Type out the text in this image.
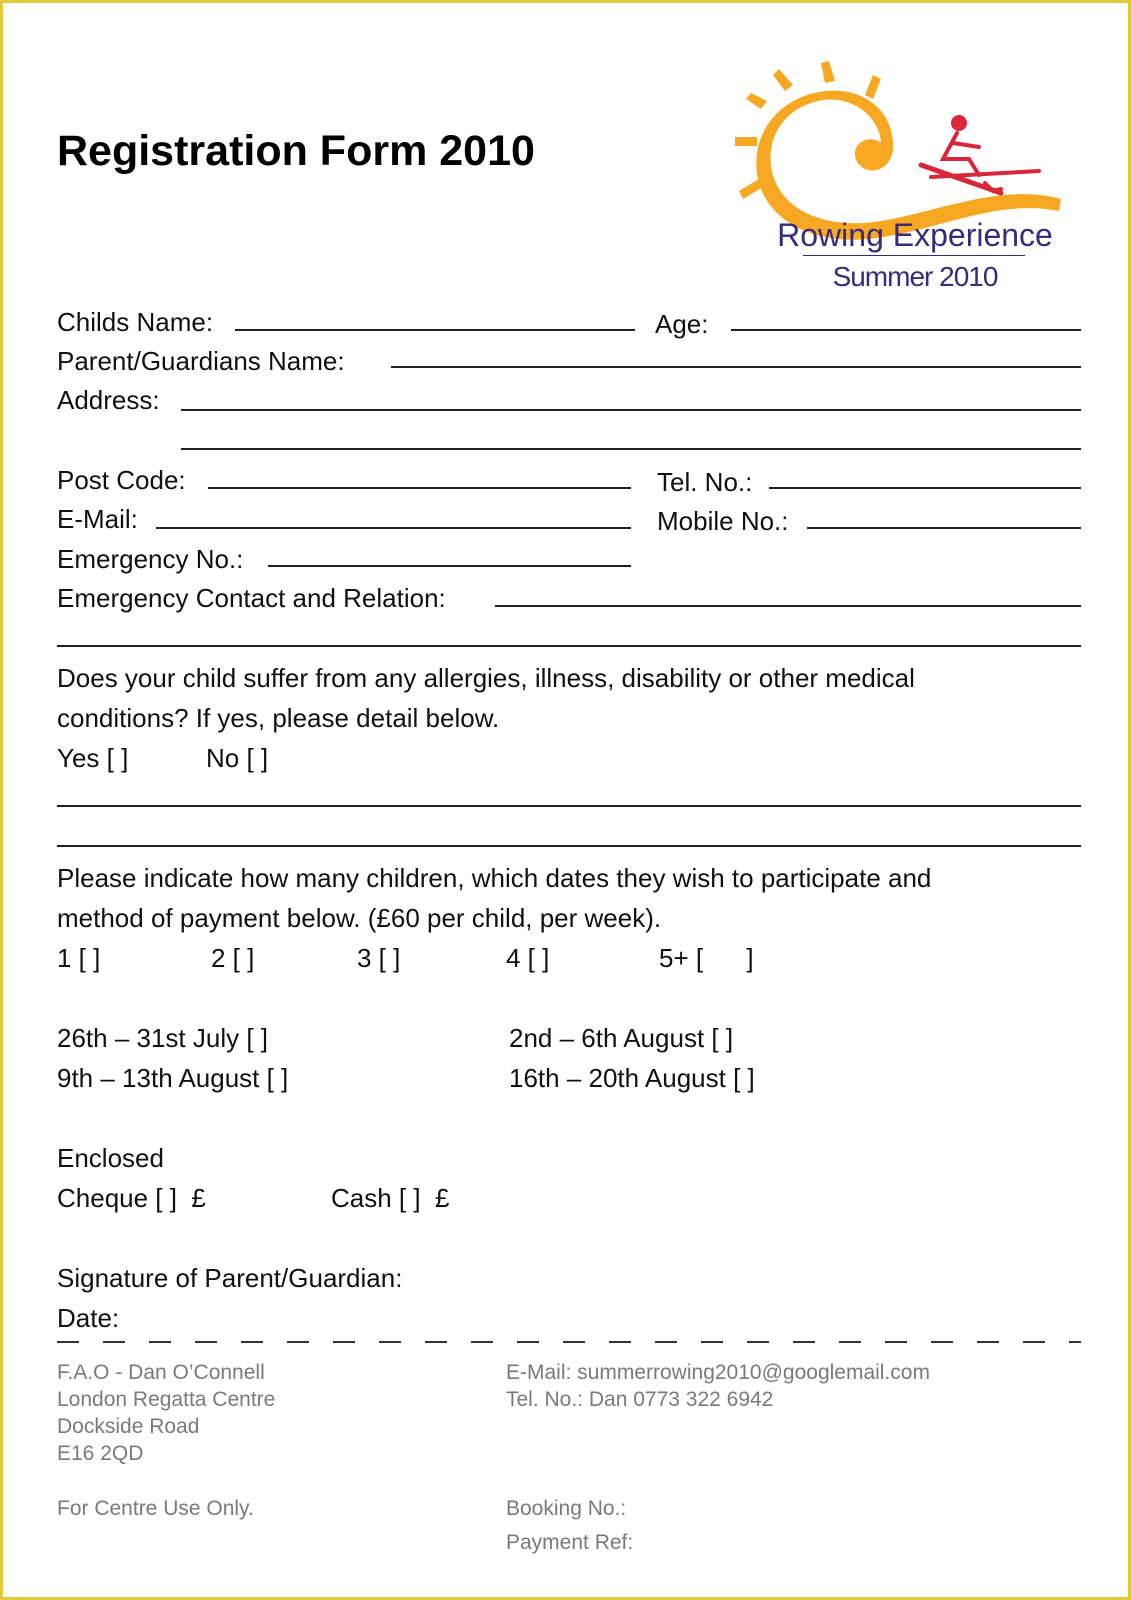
Registration Form 2010
Rowing Experience
Summer 2010
Childs Name:	Age:
Parent/Guardians Name:
Address:
Post Code:	Tel. No.:
E-Mail:	Mobile No.:
Emergency No.:
Emergency Contact and Relation:
Does your child suffer from any allergies, illness, disability or other medical
conditions? If yes, please detail below.
Yes [ ]	No [ ]
Please indicate how many children, which dates they wish to participate and
method of payment below. (£60 per child, per week).
1 [ ]	2 [ ]	3 [ ]	4 [ ]	5+ [      ]
26th – 31st July [ ]	2nd – 6th August [ ]
9th – 13th August [ ]	16th – 20th August [ ]
Enclosed
Cheque [ ]  £	Cash [ ]  £
Signature of Parent/Guardian:
Date:
F.A.O - Dan O’Connell
London Regatta Centre
Dockside Road
E16 2QD
E-Mail: summerrowing2010@googlemail.com
Tel. No.: Dan 0773 322 6942
For Centre Use Only.	Booking No.:
Payment Ref:
